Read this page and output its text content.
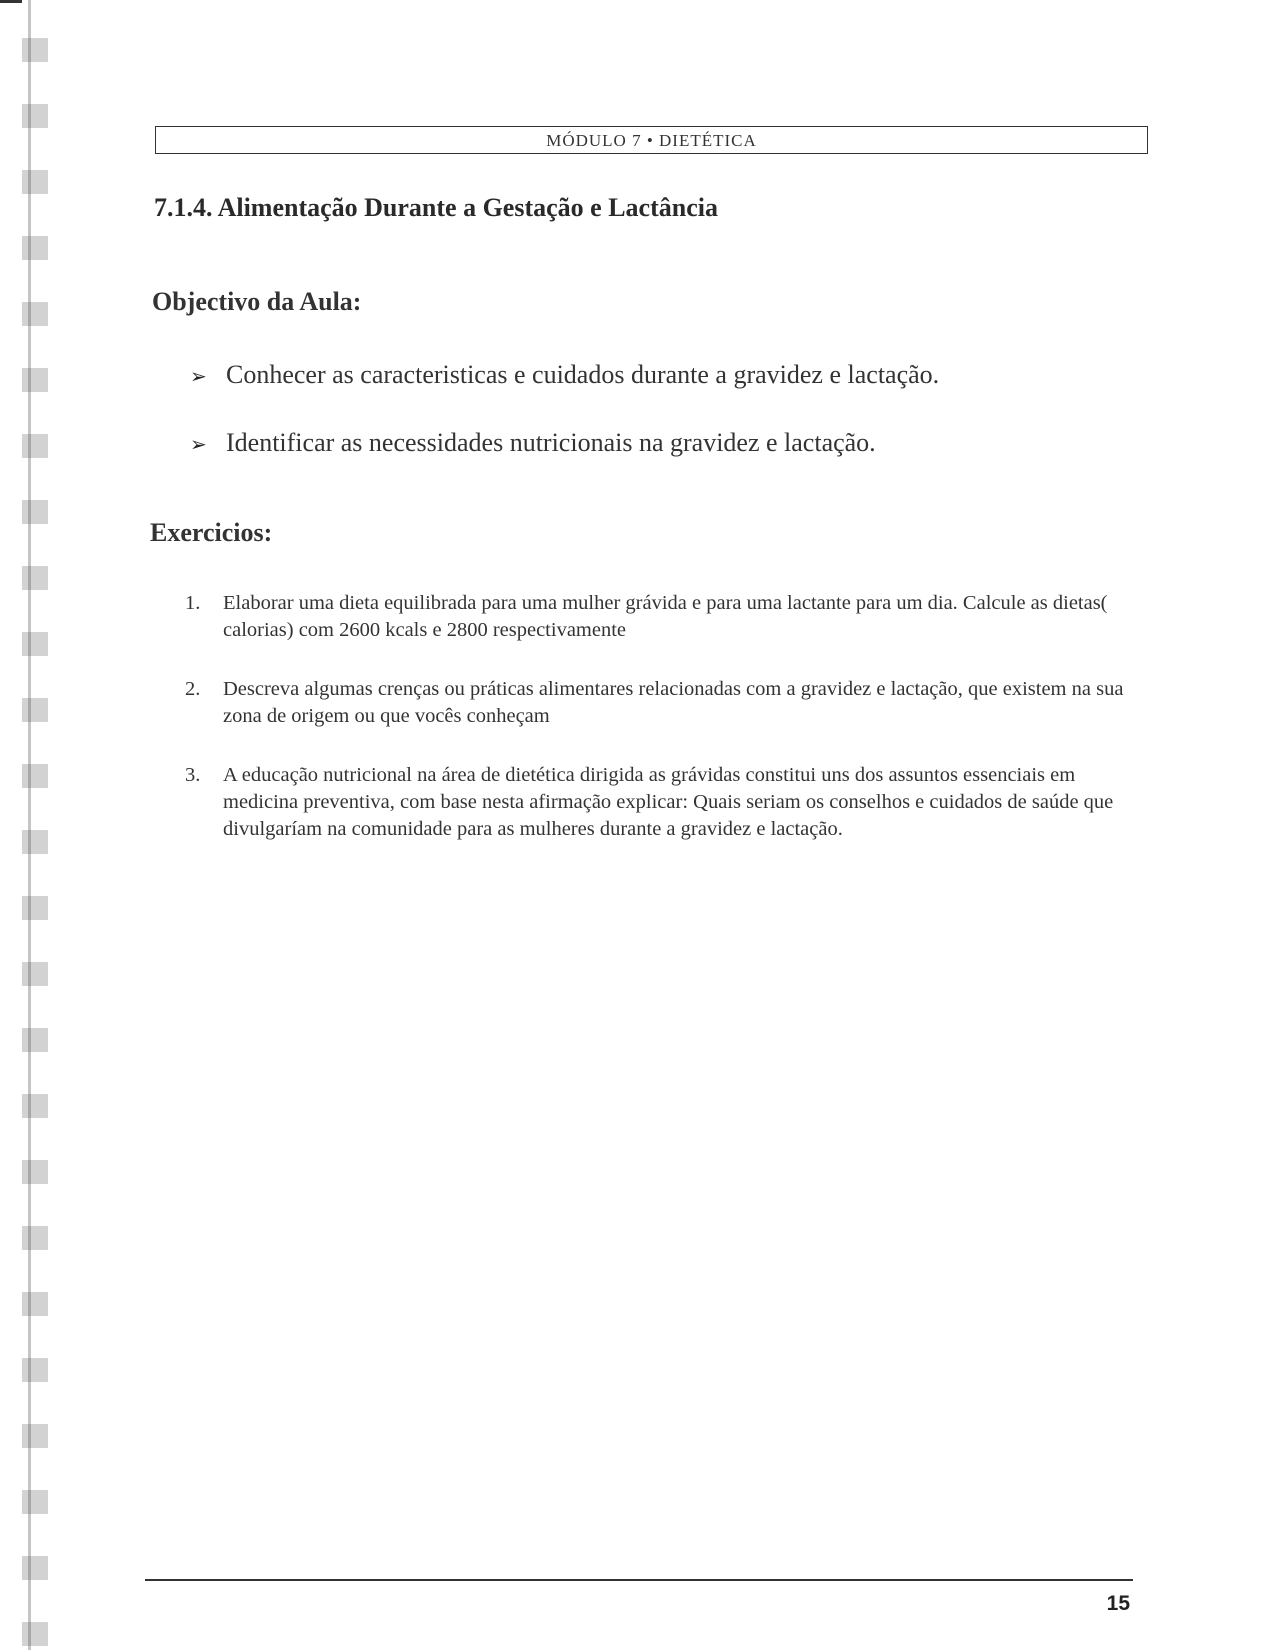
MÓDULO 7 • DIETÉTICA
7.1.4. Alimentação Durante a Gestação e Lactância
Objectivo da Aula:
➢ Conhecer as caracteristicas e cuidados durante a gravidez e lactação.
➢ Identificar as necessidades nutricionais na gravidez e lactação.
Exercicios:
1. Elaborar uma dieta equilibrada para uma mulher grávida e para uma lactante para um dia. Calcule as dietas( calorias) com 2600 kcals e 2800 respectivamente
2. Descreva algumas crenças ou práticas alimentares relacionadas com a gravidez e lactação, que existem na sua zona de origem ou que vocês conheçam
3. A educação nutricional na área de dietética dirigida as grávidas constitui uns dos assuntos essenciais em medicina preventiva, com base nesta afirmação explicar: Quais seriam os conselhos e cuidados de saúde que divulgaríam na comunidade para as mulheres durante a gravidez e lactação.
15
